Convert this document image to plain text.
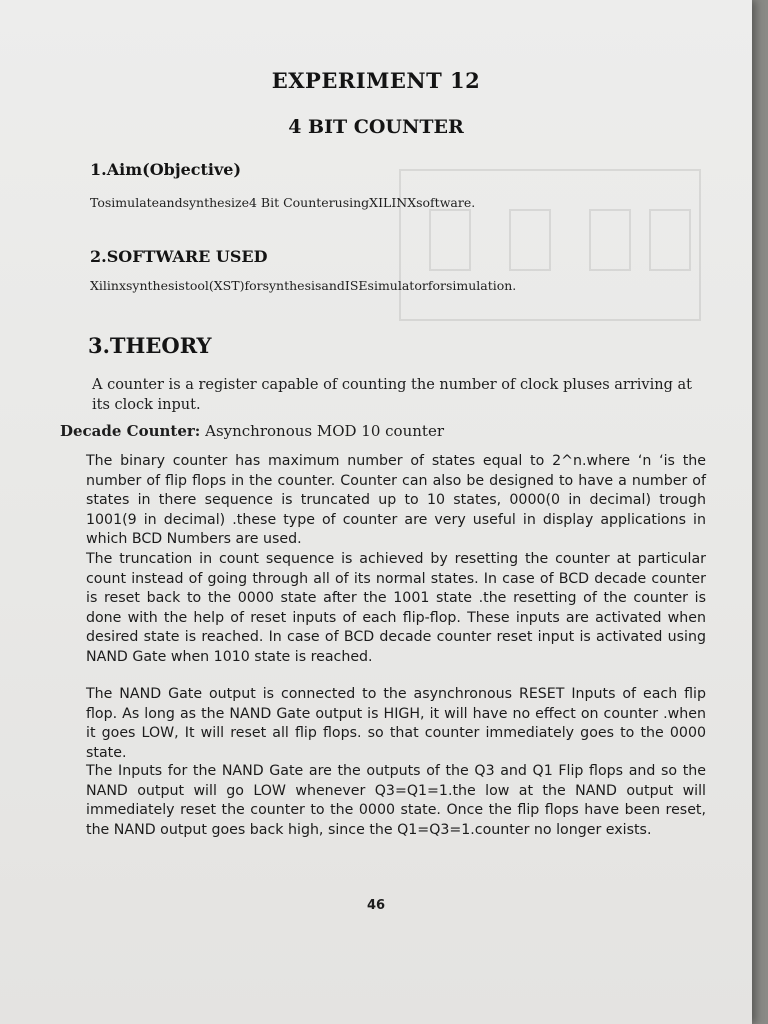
EXPERIMENT 12
4 BIT COUNTER
1.Aim(Objective)

Tosimulateandsynthesize4 Bit CounterusingXILINXsoftware.

2.SOFTWARE USED

Xilinxsynthesistool(XST)forsynthesisandISEsimulatorforsimulation.

3.THEORY

A counter is a register capable of counting the number of clock pluses arriving at its clock input.

Decade Counter: Asynchronous MOD 10 counter

The binary counter has maximum number of states equal to 2^n.where ‘n ‘is the number of flip flops in the counter. Counter can also be designed to have a number of states in there sequence is truncated up to 10 states, 0000(0 in decimal) trough 1001(9 in decimal) .these type of counter are very useful in display applications in which BCD Numbers are used.

The truncation in count sequence is achieved by resetting the counter at particular count instead of going through all of its normal states. In case of BCD decade counter is reset back to the 0000 state after the 1001 state .the resetting of the counter is done with the help of reset inputs of each flip-flop. These inputs are activated when desired state is reached. In case of BCD decade counter reset input is activated using NAND Gate when 1010 state is reached.

The NAND Gate output is connected to the asynchronous RESET Inputs of each flip flop. As long as the NAND Gate output is HIGH, it will have no effect on counter .when it goes LOW, It will reset all flip flops. so that counter immediately goes to the 0000 state.

The Inputs for the NAND Gate are the outputs of the Q3 and Q1 Flip flops and so the NAND output will go LOW whenever Q3=Q1=1.the low at the NAND output will immediately reset the counter to the 0000 state. Once the flip flops have been reset, the NAND output goes back high, since the Q1=Q3=1.counter no longer exists.

46
